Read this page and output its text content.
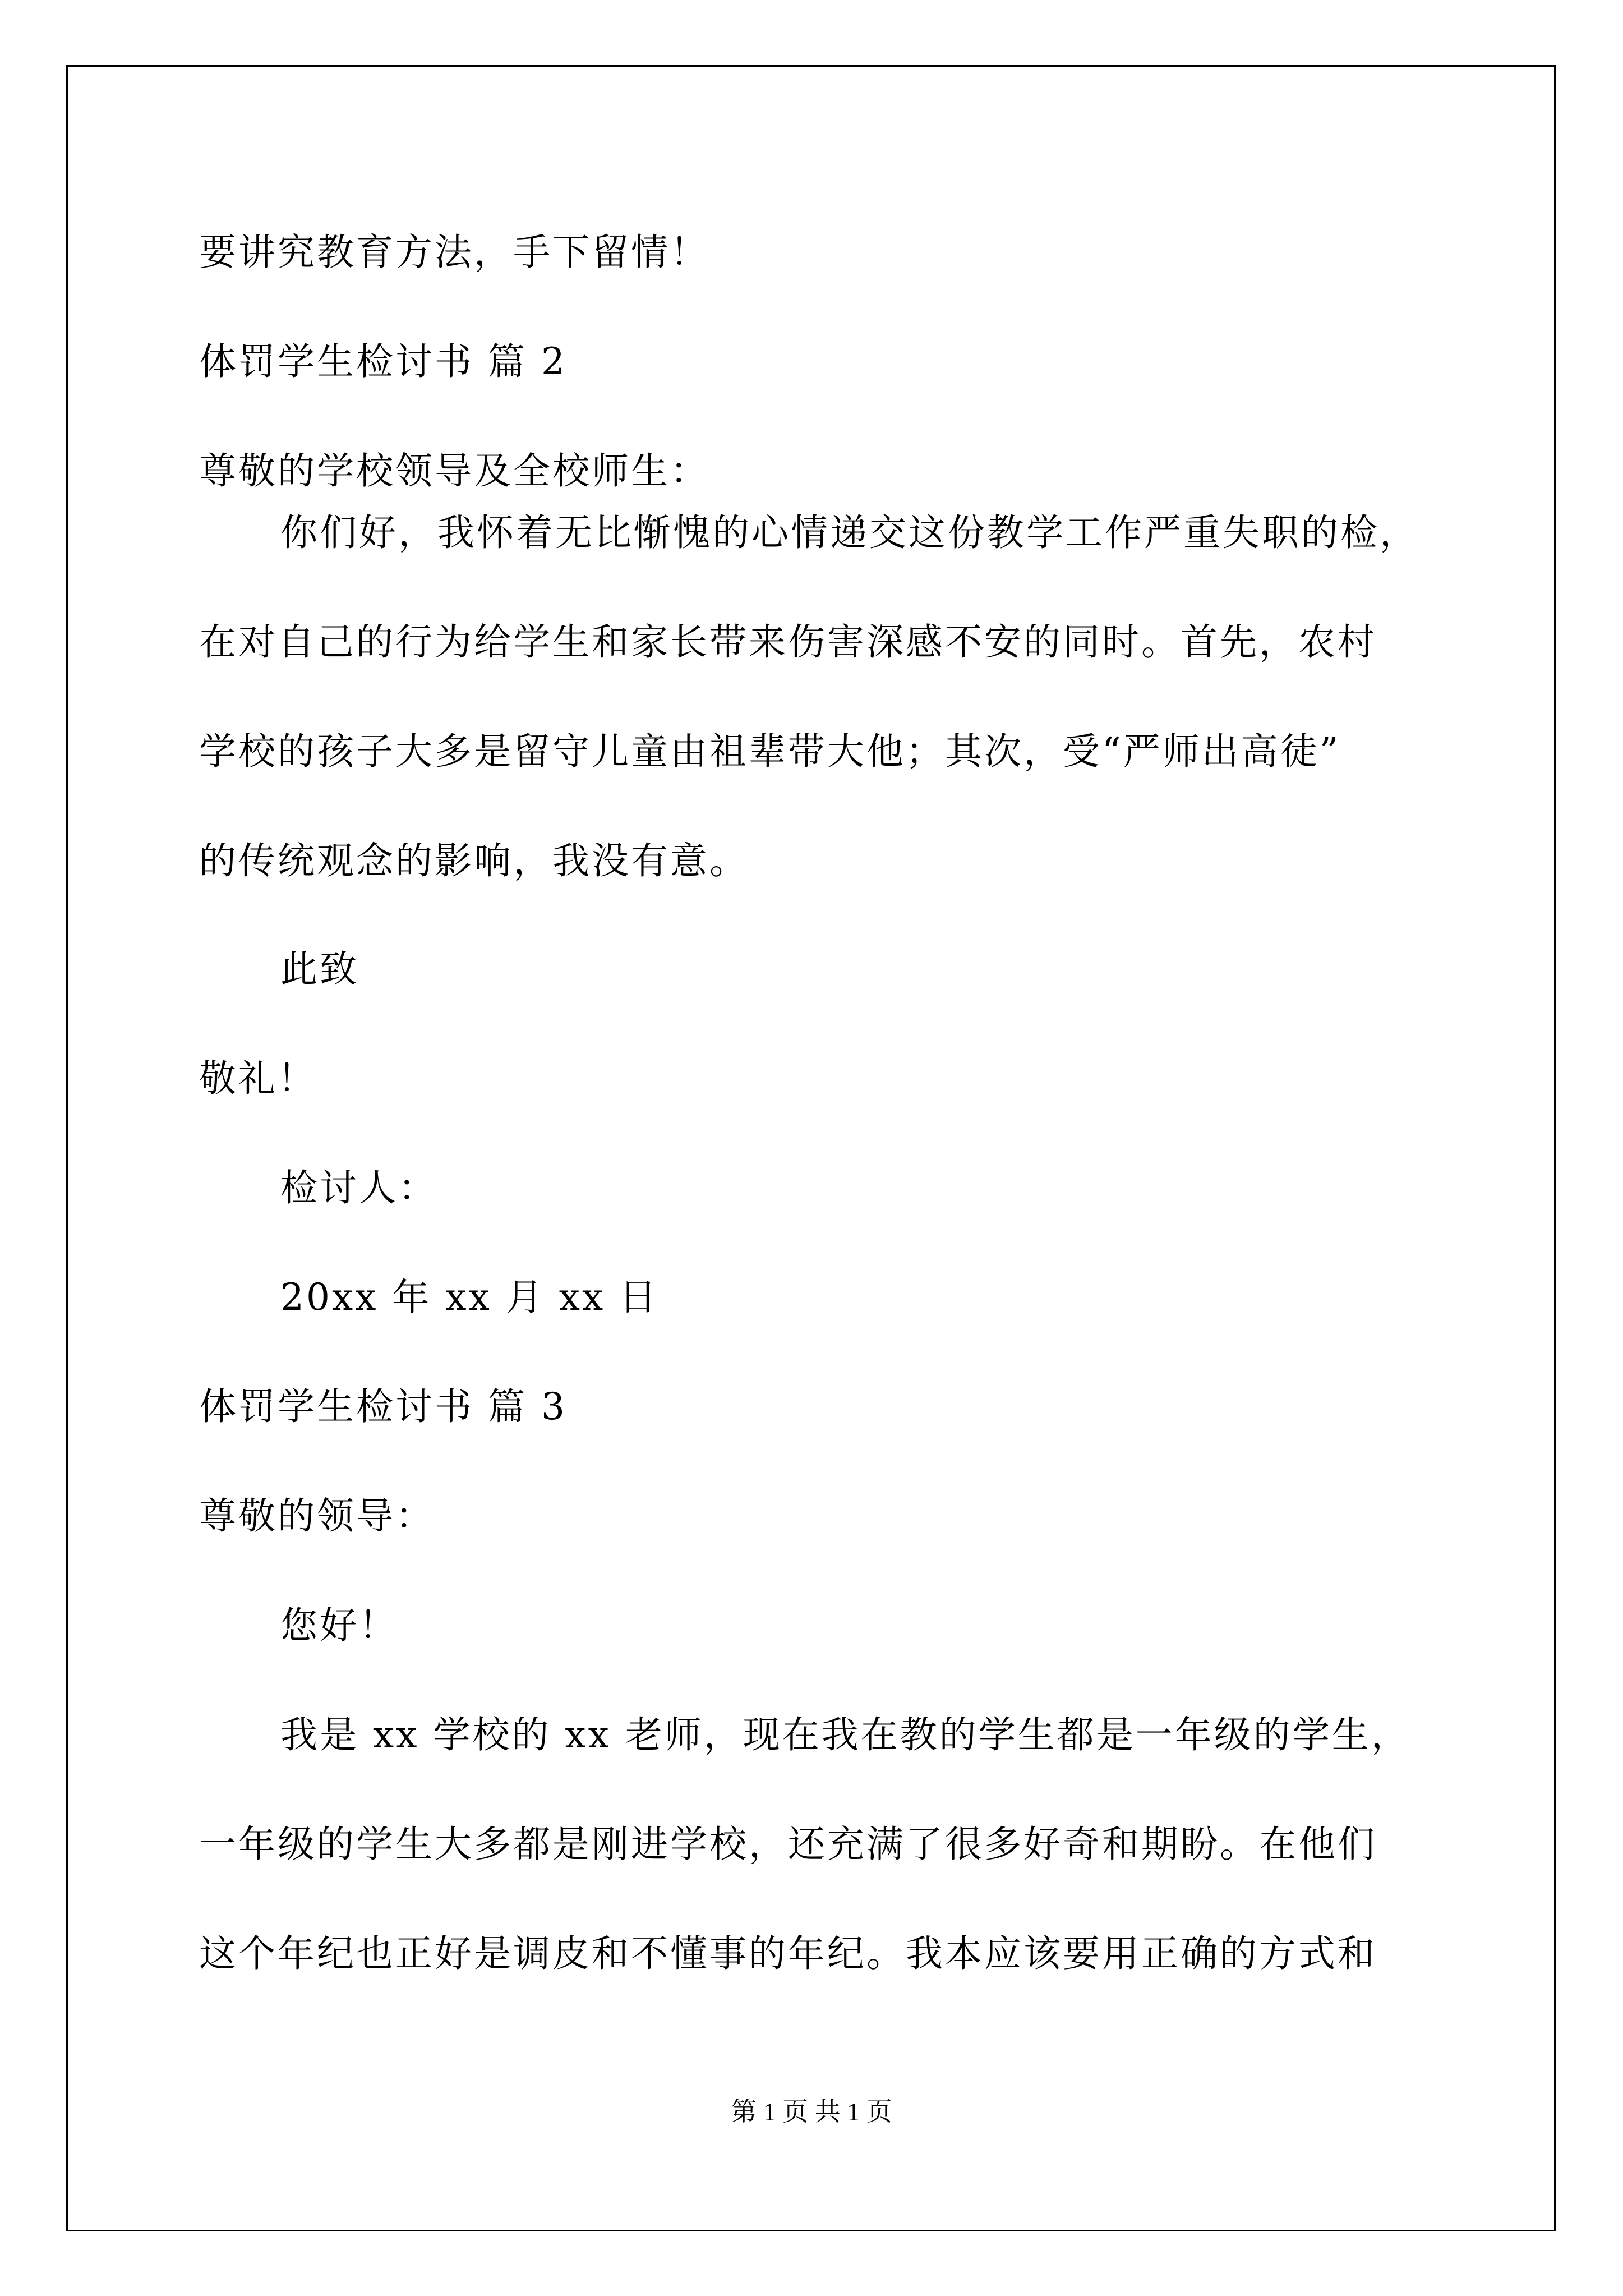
要讲究教育方法，手下留情！
体罚学生检讨书 篇 2
尊敬的学校领导及全校师生：
你们好，我怀着无比惭愧的心情递交这份教学工作严重失职的检，
在对自己的行为给学生和家长带来伤害深感不安的同时。首先，农村
学校的孩子大多是留守儿童由祖辈带大他；其次，受“严师出高徒”
的传统观念的影响，我没有意。
此致
敬礼！
检讨人：
20xx 年 xx 月 xx 日
体罚学生检讨书 篇 3
尊敬的领导：
您好！
我是 xx 学校的 xx 老师，现在我在教的学生都是一年级的学生，
一年级的学生大多都是刚进学校，还充满了很多好奇和期盼。在他们
这个年纪也正好是调皮和不懂事的年纪。我本应该要用正确的方式和
第 1 页 共 1 页
